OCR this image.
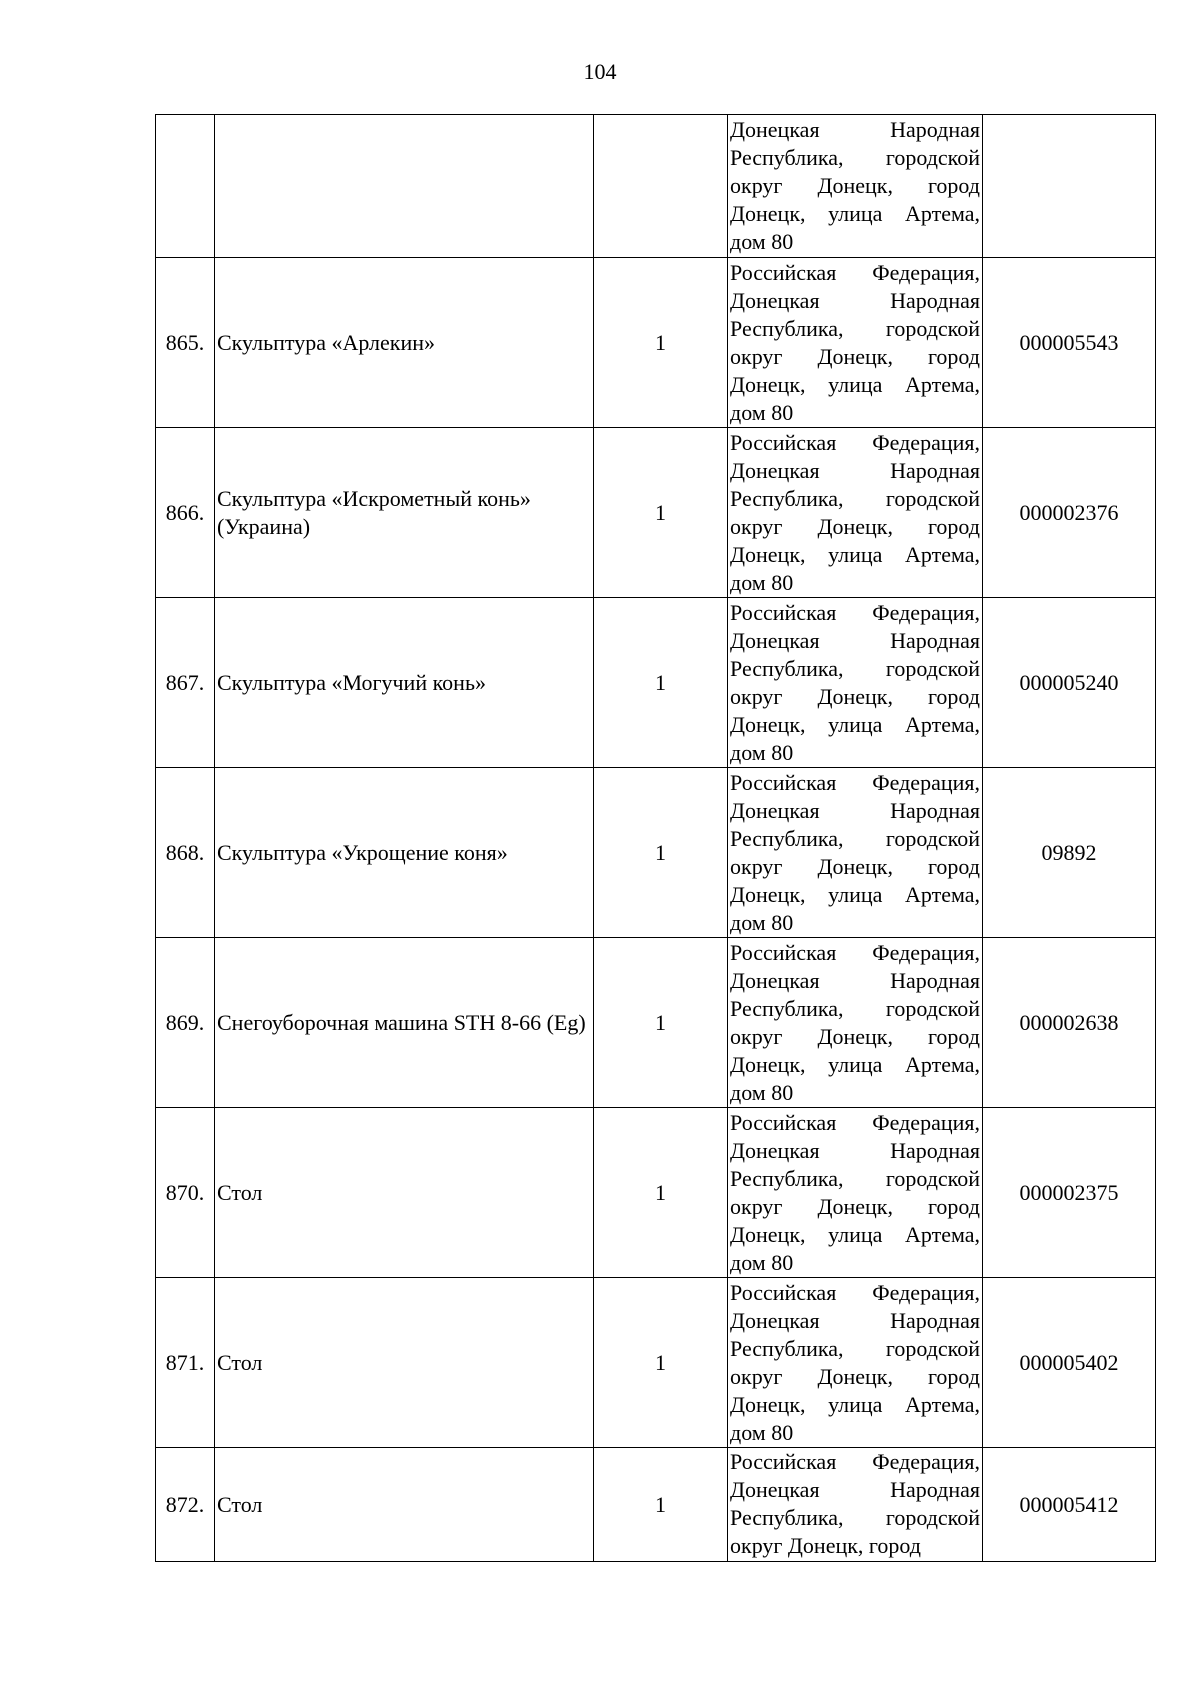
104
			Донецкая Народная Республика, городской округ Донецк, город Донецк, улица Артема, дом 80	
865.	Скульптура «Арлекин»	1	Российская Федерация, Донецкая Народная Республика, городской округ Донецк, город Донецк, улица Артема, дом 80	000005543
866.	Скульптура «Искрометный конь» (Украина)	1	Российская Федерация, Донецкая Народная Республика, городской округ Донецк, город Донецк, улица Артема, дом 80	000002376
867.	Скульптура «Могучий конь»	1	Российская Федерация, Донецкая Народная Республика, городской округ Донецк, город Донецк, улица Артема, дом 80	000005240
868.	Скульптура «Укрощение коня»	1	Российская Федерация, Донецкая Народная Республика, городской округ Донецк, город Донецк, улица Артема, дом 80	09892
869.	Снегоуборочная машина STH 8-66 (Eg)	1	Российская Федерация, Донецкая Народная Республика, городской округ Донецк, город Донецк, улица Артема, дом 80	000002638
870.	Стол	1	Российская Федерация, Донецкая Народная Республика, городской округ Донецк, город Донецк, улица Артема, дом 80	000002375
871.	Стол	1	Российская Федерация, Донецкая Народная Республика, городской округ Донецк, город Донецк, улица Артема, дом 80	000005402
872.	Стол	1	Российская Федерация, Донецкая Народная Республика, городской округ Донецк, город	000005412
